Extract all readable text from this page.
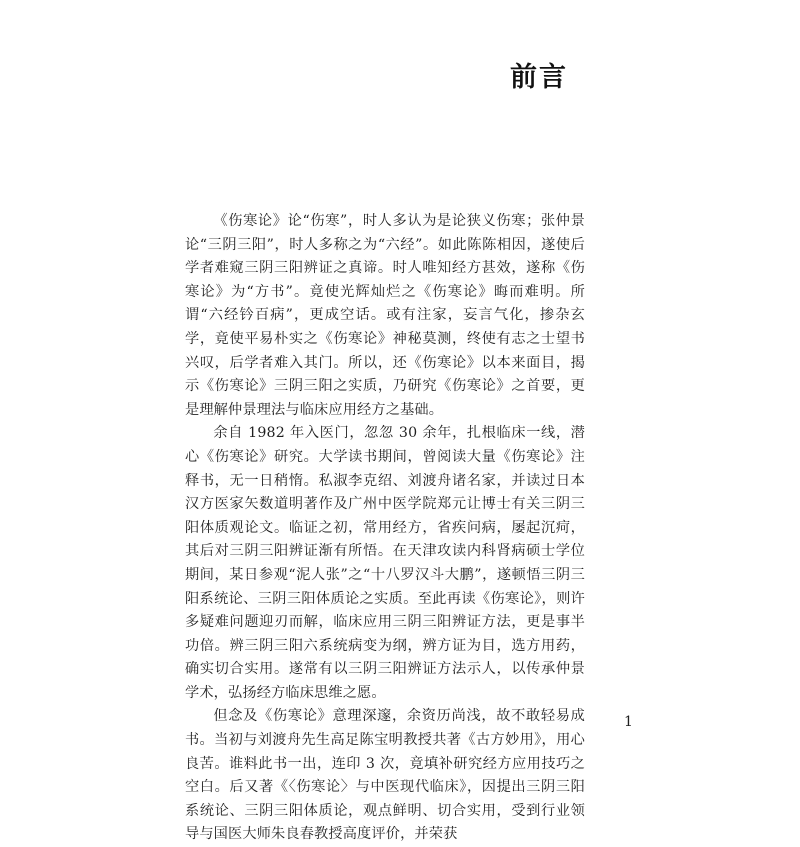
前言

《伤寒论》论“伤寒”，时人多认为是论狭义伤寒；张仲景论“三阴三阳”，时人多称之为“六经”。如此陈陈相因，遂使后学者难窥三阴三阳辨证之真谛。时人唯知经方甚效，遂称《伤寒论》为“方书”。竟使光辉灿烂之《伤寒论》晦而难明。所谓“六经钤百病”，更成空话。或有注家，妄言气化，掺杂玄学，竟使平易朴实之《伤寒论》神秘莫测，终使有志之士望书兴叹，后学者难入其门。所以，还《伤寒论》以本来面目，揭示《伤寒论》三阴三阳之实质，乃研究《伤寒论》之首要，更是理解仲景理法与临床应用经方之基础。

余自 1982 年入医门，忽忽 30 余年，扎根临床一线，潜心《伤寒论》研究。大学读书期间，曾阅读大量《伤寒论》注释书，无一日稍惰。私淑李克绍、刘渡舟诸名家，并读过日本汉方医家矢数道明著作及广州中医学院郑元让博士有关三阴三阳体质观论文。临证之初，常用经方，省疾问病，屡起沉疴，其后对三阴三阳辨证渐有所悟。在天津攻读内科肾病硕士学位期间，某日参观“泥人张”之“十八罗汉斗大鹏”，遂顿悟三阴三阳系统论、三阴三阳体质论之实质。至此再读《伤寒论》，则许多疑难问题迎刃而解，临床应用三阴三阳辨证方法，更是事半功倍。辨三阴三阳六系统病变为纲，辨方证为目，选方用药，确实切合实用。遂常有以三阴三阳辨证方法示人，以传承仲景学术，弘扬经方临床思维之愿。

但念及《伤寒论》意理深邃，余资历尚浅，故不敢轻易成书。当初与刘渡舟先生高足陈宝明教授共著《古方妙用》，用心良苦。谁料此书一出，连印 3 次，竟填补研究经方应用技巧之空白。后又著《〈伤寒论〉与中医现代临床》，因提出三阴三阳系统论、三阴三阳体质论，观点鲜明、切合实用，受到行业领导与国医大师朱良春教授高度评价，并荣获

1
